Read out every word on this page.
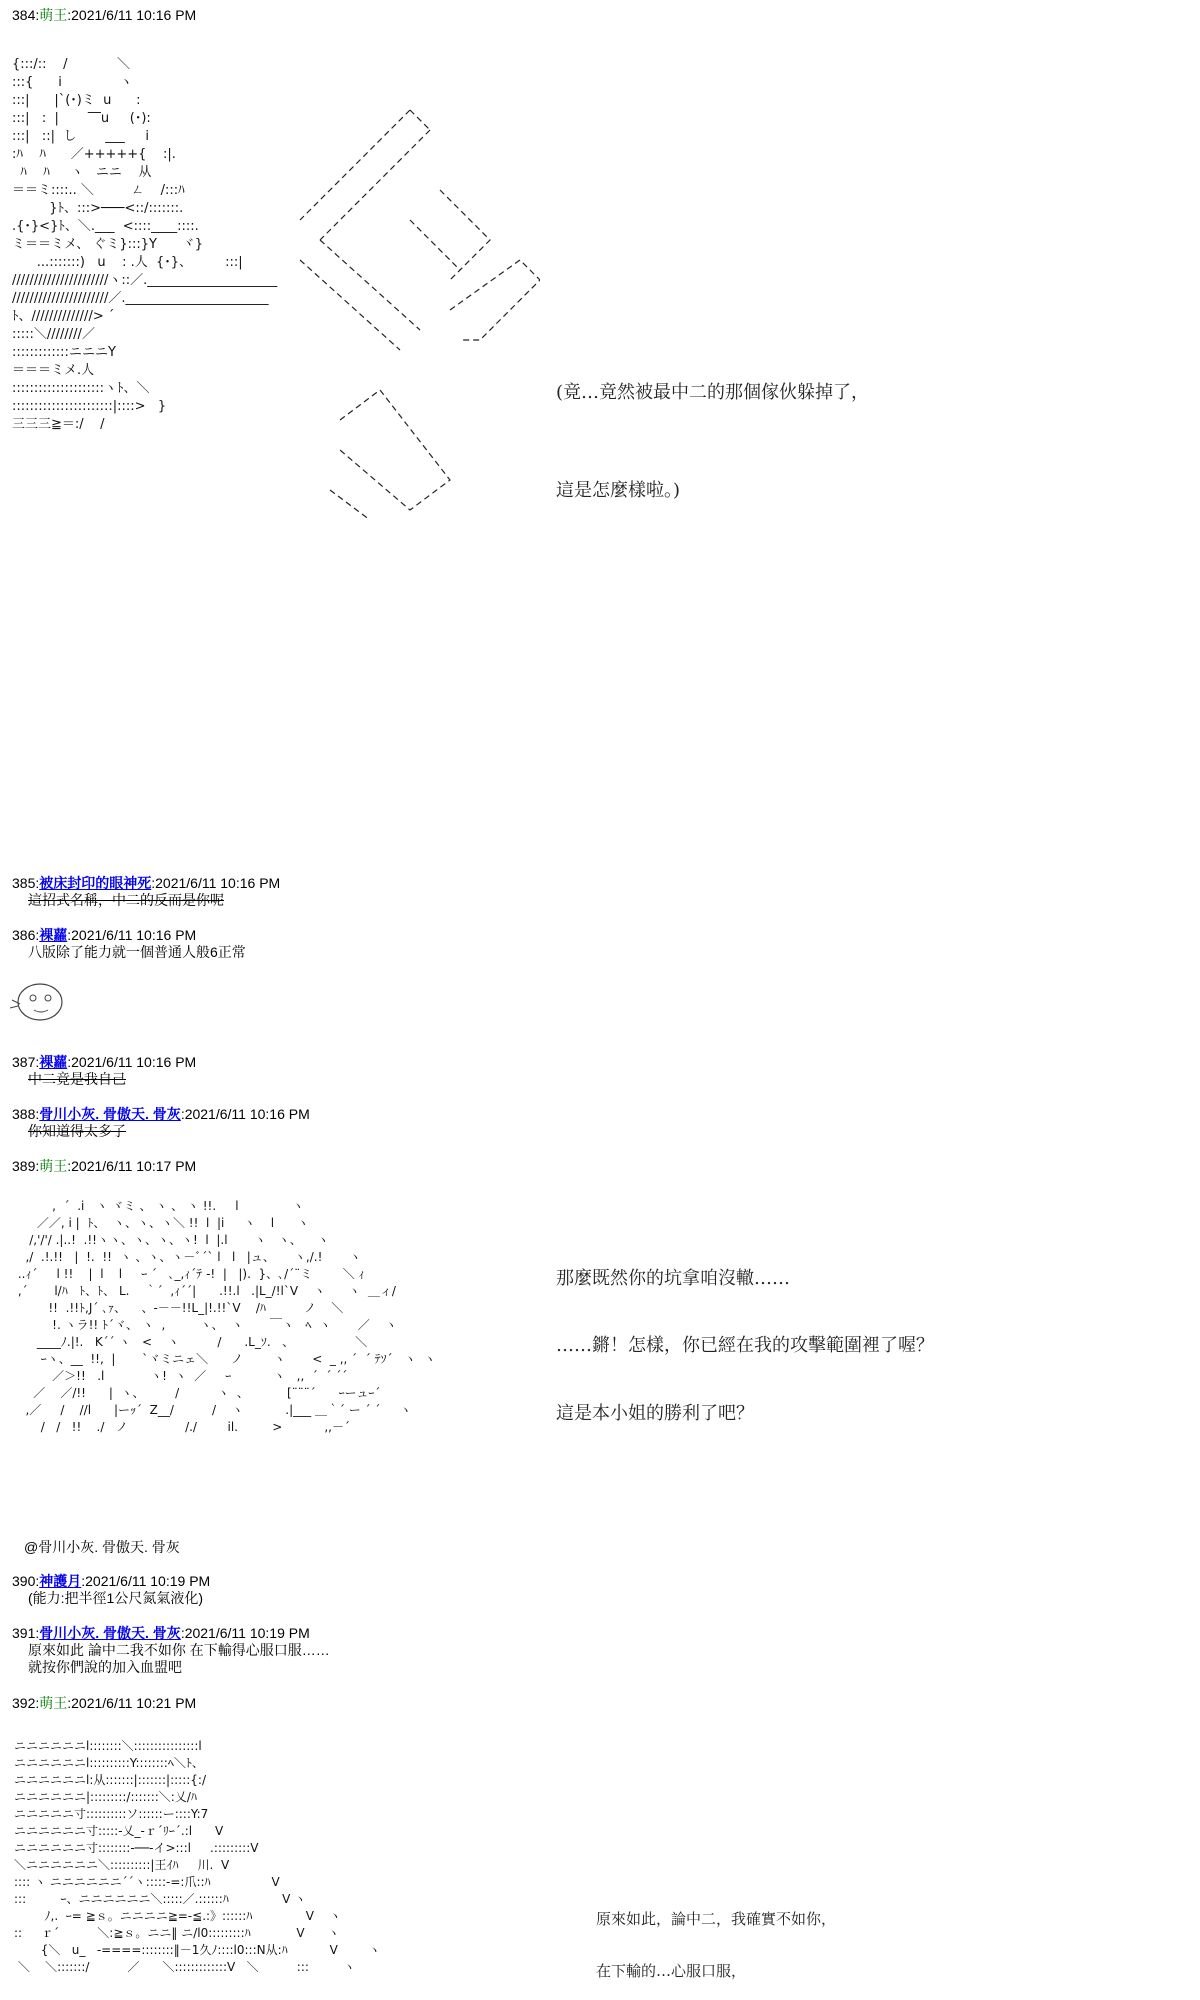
384:萌王:2021/6/11 10:16 PM
{:::/::    /            ＼
:::{      i              ヽ
:::|      |`(･)ミ  u      :
:::|   :  |       ‾‾u     (･):
:::|   ::|  し       ___     i
:ﾊ    ﾊ      ／+++++{    :|.
ﾊ    ﾊ     ヽ   ニニ    从
＝＝ミ::::.. ＼         ㄥ    /:::ﾊ
}ﾄ、:::>───<::/:::::::.
.{･}<}ﾄ、＼.___  <::::____::::.
ミ＝＝ミメ、 ぐミ}:::}Y      ヾ}
...:::::::)   u    : .人  {･}、        :::|
//////////////////////ヽ::／.____________________
//////////////////////／.______________________
ﾄ、//////////////> ´
:::::＼////////／
:::::::::::::ニニニY
＝＝＝ミメ.人
:::::::::::::::::::::ヽﾄ、＼
:::::::::::::::::::::::|::::>   }
三三三≧＝:/    /
(竟…竟然被最中二的那個傢伙躲掉了，
這是怎麼樣啦。)
385:被床封印的眼神死:2021/6/11 10:16 PM
這招式名稱，中二的反而是你呢
386:裸蘿:2021/6/11 10:16 PM
八版除了能力就一個普通人般6正常
387:裸蘿:2021/6/11 10:16 PM
中二竟是我自己
388:骨川小灰. 骨傲天. 骨灰:2021/6/11 10:16 PM
你知道得太多了
389:萌王:2021/6/11 10:17 PM
,  ´  .i   ヽ ヾミ 、 ヽ 、 ヽ !!.     l              ヽ
／／, i |  ﾄ、  ヽ、ヽ、ヽ＼ !!  l  |i     ヽ    l      ヽ
/,'/'/ .|..!  .!!ヽヽ、ヽ、ヽ、ヽ!  l  |.l       ヽ   ヽ、    ヽ
,/  .!.!!   |  !.  !!  ヽ 、ヽ、ヽ－ﾞ´` l   l   |ュ、     ヽ,/.!       ヽ
..ｨ´     l !!    |  l    l     ｰ ´   ､_,ｨ´ﾃ ‐!  |   |).  }、､/´¨ミ        ＼ ｨ
,´       l/ﾊ   ﾄ、ﾄ、 L.    ｀´  ,ｨ´´|      .!!.l   .|L_/!l`V    ヽ      ヽ  ＿ィ/
!!  .!!ﾄ,J´ ､ｧ、    、-－－!!L_|!.!!`V    /ﾊ          ノ    ＼
!. ヽラ!! ﾄ´ヾ、 ヽ  ,         ヽ、  ヽ       ￣ヽ   ﾍ  ヽ       ／    ヽ
____ﾉ.|!.   K´´ ヽ   <    ヽ          /      .L_ｿ.   、                ＼
ｰヽ、__  !!,  |       `ヾミニェ＼      ノ        ヽ       <  _ ,, ´  ´ ﾃｿ´   ヽ  ヽ
／＞!!   .l            ヽ!  ヽ  ／     ｰ           ヽ   ,,  ´  ´ ´´
／    ／/!!      |  ヽ、        /          ヽ  、          [¨¨¨´      ｰーュｰ´
,／     /    //l      |ーｯ´  Z__/          /    ヽ           .|___ ＿｀´ ー ´ ´     ヽ
/   /   !!    ./   ノ               /./        il.         >           ,,－´
那麼既然你的坑拿咱沒轍……
……鏘！怎樣，你已經在我的攻擊範圍裡了喔？
這是本小姐的勝利了吧？
@骨川小灰. 骨傲天. 骨灰
390:神護月:2021/6/11 10:19 PM
(能力:把半徑1公尺氮氣液化)
391:骨川小灰. 骨傲天. 骨灰:2021/6/11 10:19 PM
原來如此 論中二我不如你 在下輸得心服口服……
就按你們說的加入血盟吧
392:萌王:2021/6/11 10:21 PM
ニニニニニニl::::::::＼::::::::::::::::l
ニニニニニニl::::::::::Y::::::::ﾍ＼ﾄ、
ニニニニニニl:从:::::::|:::::::|:::::{:/
ニニニニニニ|:::::::::/:::::::＼:乂/ﾊ
ニニニニニ寸::::::::::ソ::::::ー::::Y:7
ニニニニニニ寸:::::‐乂_‐ｒ´ﾘｰ´.:l      V
ニニニニニニ寸::::::::‐──‐イ>:::l     .:::::::::V
＼ニニニニニニ＼::::::::::|王ｲﾊ     川.  V
:::: ヽ ニニニニニニ´´ヽ:::::‐=:爪::ﾊ                V
:::         ｰ、ニニニニニニ＼:::::／.::::::ﾊ              V ヽ
ﾉ,.  ｰ= ≧ｓ。ニニニニ≧=‐≦.:》::::::ﾊ              V    ヽ
::     ｒ´          ＼:≧ｓ。ニニ‖ ニ/l0:::::::::ﾊ            V      ヽ
{＼   u_   ‐====::::::::‖－1久ﾉ::::l0:::N从:ﾊ           V        ヽ
＼    ＼:::::::/          ／      ＼:::::::::::::V   ＼          :::         ヽ
原來如此，論中二，我確實不如你，
在下輸的…心服口服，
